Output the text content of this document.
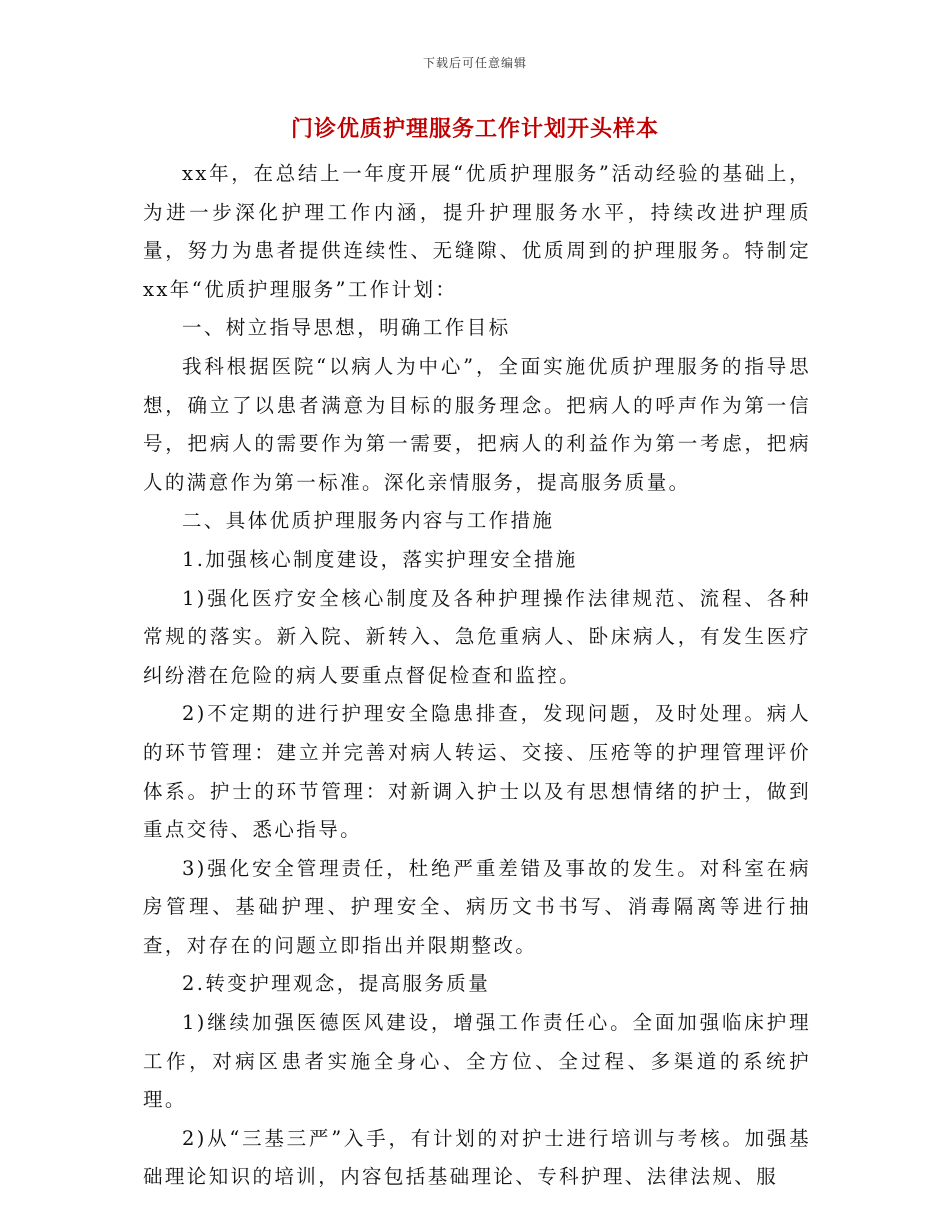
下载后可任意编辑
门诊优质护理服务工作计划开头样本

xx年，在总结上一年度开展“优质护理服务”活动经验的基础上，为进一步深化护理工作内涵，提升护理服务水平，持续改进护理质量，努力为患者提供连续性、无缝隙、优质周到的护理服务。特制定xx年“优质护理服务”工作计划：

一、树立指导思想，明确工作目标

我科根据医院“以病人为中心”，全面实施优质护理服务的指导思想，确立了以患者满意为目标的服务理念。把病人的呼声作为第一信号，把病人的需要作为第一需要，把病人的利益作为第一考虑，把病人的满意作为第一标准。深化亲情服务，提高服务质量。

二、具体优质护理服务内容与工作措施

1.加强核心制度建设，落实护理安全措施

1)强化医疗安全核心制度及各种护理操作法律规范、流程、各种常规的落实。新入院、新转入、急危重病人、卧床病人，有发生医疗纠纷潜在危险的病人要重点督促检查和监控。

2)不定期的进行护理安全隐患排查，发现问题，及时处理。病人的环节管理：建立并完善对病人转运、交接、压疮等的护理管理评价体系。护士的环节管理：对新调入护士以及有思想情绪的护士，做到重点交待、悉心指导。

3)强化安全管理责任，杜绝严重差错及事故的发生。对科室在病房管理、基础护理、护理安全、病历文书书写、消毒隔离等进行抽查，对存在的问题立即指出并限期整改。

2.转变护理观念，提高服务质量

1)继续加强医德医风建设，增强工作责任心。全面加强临床护理工作，对病区患者实施全身心、全方位、全过程、多渠道的系统护理。

2)从“三基三严”入手，有计划的对护士进行培训与考核。加强基础理论知识的培训，内容包括基础理论、专科护理、法律法规、服
